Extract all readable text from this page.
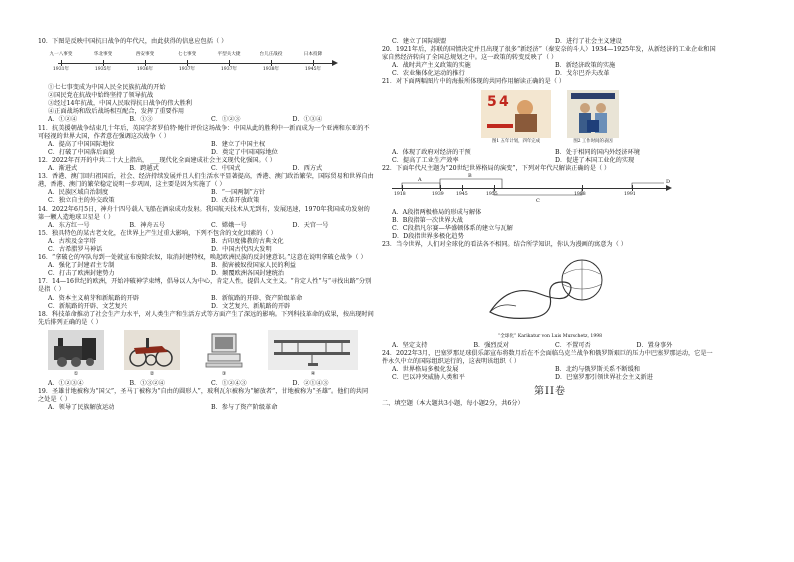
10．下图是反映中国抗日战争的年代尺，由此获得的信息应包括（ ）

九一八事变
1931年
华北事变
1935年
西安事变
1936年
七七事变
1937年
平型关大捷
1937年
台儿庄战役
1938年
日本投降
1945年

①七七事变成为中国人民全民族抗战的开始

②国民党在抗战中始终坚持了领导抗战

③经过14年抗战，中国人民取得抗日战争的伟大胜利

④正面战场和敌后战场相互配合，发挥了重要作用

A．①②④	B．①③	C．①②③	D．①③④

11．抗美援朝战争结束几十年后，英国学者罗伯特·鲍什评价这场战争：中国从此的胜利中一新而成为一个亚洲和东亚的不可轻视的世界大国，作者意在强调这次战争（ ）

A．提高了中国国际地位	B．建立了中国主权
C．打破了中国落后面貌	D．奠定了中国国际地位

12．2022年召开的中共二十大上指出， ___现代化全面建成社会主义现代化强国。（ ）

A．渐进式	B．跨越式	C．中国式	D．西方式

13．香港、澳门回归祖国后，社会、经济持续发展并且人们生活水平显著提高，香港、澳门政治繁荣，国际贸易和世界自由港，香港、澳门的繁荣稳定说明一步巩固，这主要是因为实施了（ ）

A．民族区域自治制度	B．“一国两制”方针
C．独立自主的外交政策	D．改革开放政策

14．2022年6月5日，神舟十四号载人飞船在酒泉成功发射。我国航天技术从无到有，发展迅速，1970年我国成功发射的第一颗人造地球卫星是（ ）

A．东方红一号	B．神舟五号	C．嫦娥一号	D．天宫一号

15．独具特色的某古老文化，在世界上产生过重大影响，下列不包含的文化因素的（ ）

A．古埃及金字塔	B．古印度佛教的古典文化
C．古希腊罗马神话	D．中国古代四大发明

16．“拿破仑的军队每到一处就宣布废除农奴，取消封建特权，唤起欧洲民族的反封建意识。”这意在说明拿破仑战争（ ）

A．强化了封建君主专制	B．损害被奴役国家人民的利益
C．打击了欧洲封建势力	D．颠覆欧洲各国封建统治

17．14—16世纪的欧洲，开始冲破神学束缚，倡导以人为中心，肯定人性，提倡人文主义。“肯定人性”与“寻找出路”分别是指（ ）

A．资本主义萌芽和新航路的开辟	B．新航路的开辟、资产阶级革命
C．新航路的开辟、文艺复兴	D．文艺复兴、新航路的开辟

18．科技革命推动了社会生产力水平，对人类生产和生活方式等方面产生了深远的影响。下列科技革命的成果，按出现时间先后排列正确的是（ ）

①	②	③	④
A．①②③④	B．①③②④	C．①②④③	D．②①④③

19．圣雄甘地被称为“国父”，圣马丁被称为“自由的圆形人”，玻利瓦尔被称为“解放者”，甘地被称为“圣雄”。他们的共同之处是（ ）

A．领导了民族解放运动	B．参与了资产阶级革命
C．建立了国际联盟	D．进行了社会主义建设

20．1921年后，苏联的国情决定并且出现了很多“新经济”（秦安奈的斗人）1934—1925年发，从新经济的工业企业和国家自然经济转向了全国总规划之中。这一政策的转变反映了（ ）

A．战时共产主义政策的实施	B．新经济政策的实施
C．农业集体化运动的推行	D．戈尔巴乔夫改革

21．对下面两幅图片中的海报所体现的共同作用解读正确的是（ ）

5 4
图1 五年计划，四年完成	图2 工作时间的表因
A．体现了政府对经济的干预	B．处于相同的国内外经济环境
C．提高了工业生产效率	D．促进了本国工业化的实现

22．下面年代尺主题为“20世纪世界格局的演变”，下列对年代尺解读正确的是（ ）

1918	1939	1945	1955	1988	1991
A
B
C
D

A．A段指两极格局的形成与解体

B．B段指第一次世界大战

C．C段指凡尔赛—华盛顿体系的建立与瓦解

D．D段指世界多极化趋势

23．当今世界，人们对全球化的看法各不相同。结合所学知识，你认为漫画的寓意为（ ）

“全球化” Karikatur von Luis Murschetz, 1998

A．坚定支持	B．强烈反对	C．不置可否	D．置身事外

24．2022年3月，巴塞罗那足球俱乐部宣布将数月后在不会面临乌克兰战争和俄罗斯艰巨的压力中巴塞罗那运动，它是一件永久中立的国际组织运行的，这表明该组织（ ）

A．世界格局多极化发展	B．北约与俄罗斯关系不断缓和
C．巴以冲突威胁人类和平	D．巴塞罗那引领世界社会主义新进
第II卷

二、填空题（本大题共3小题，每小题2分，共6分）
